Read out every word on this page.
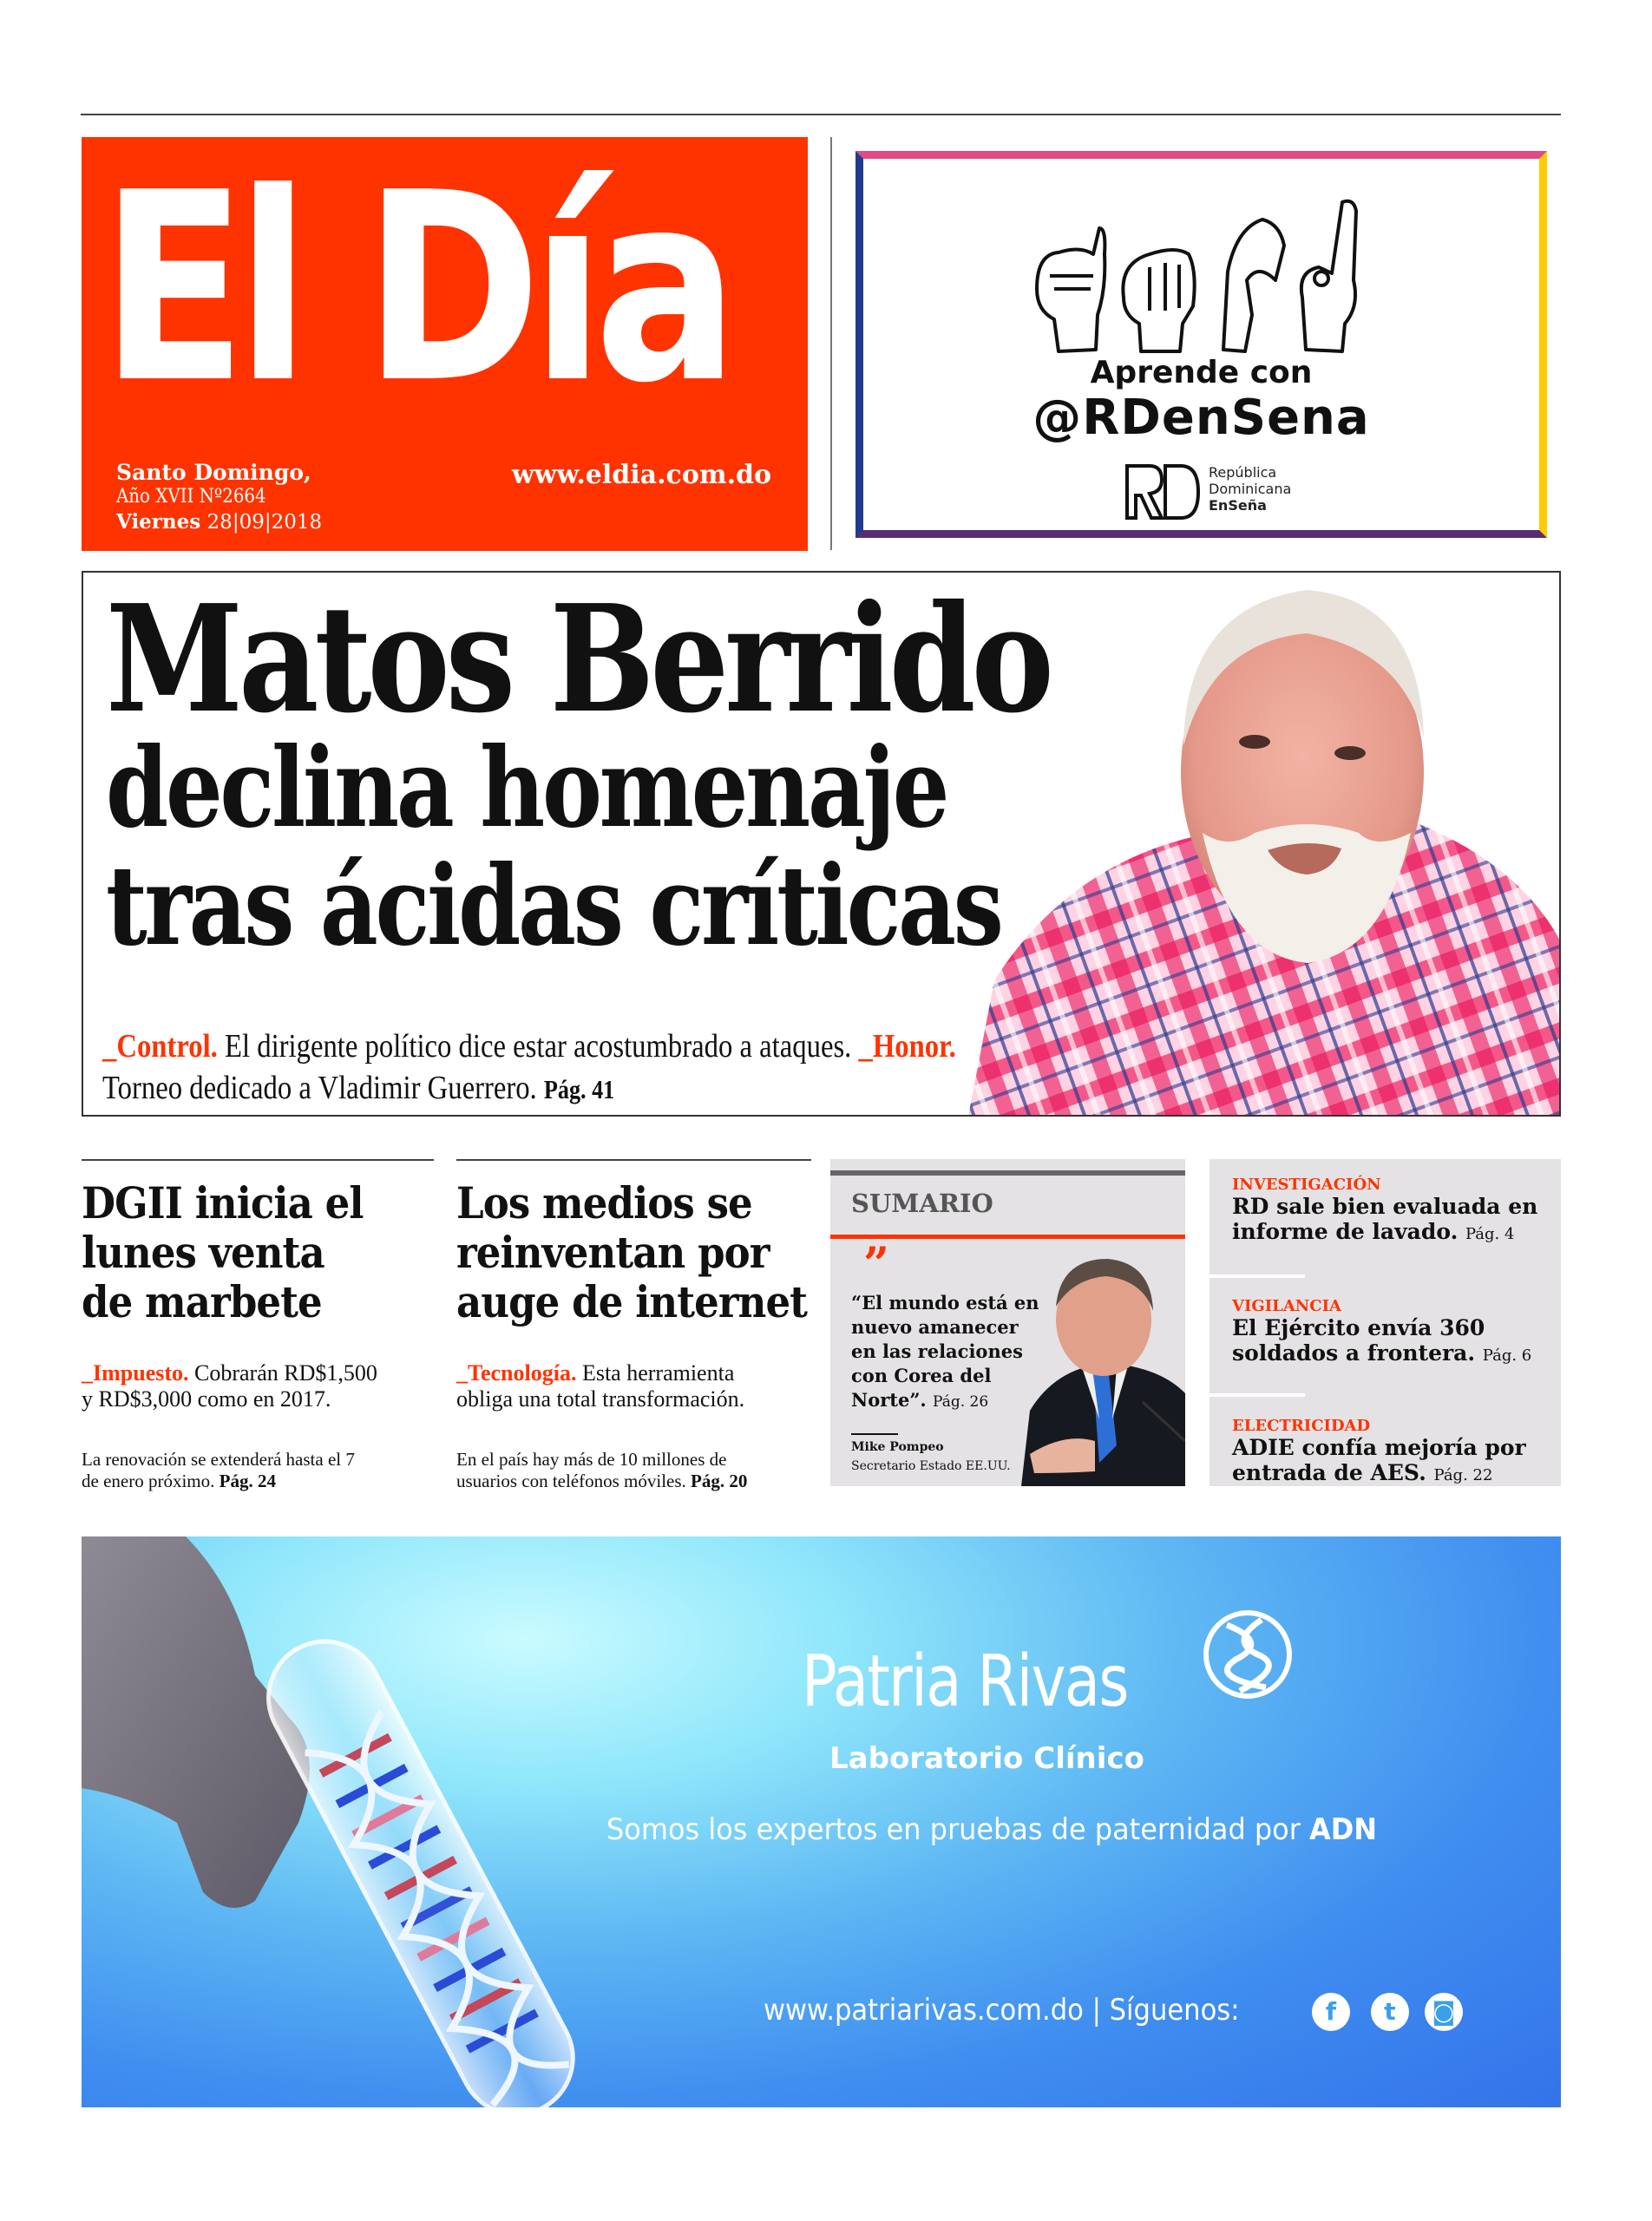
El Día
Santo Domingo,
Año XVII Nº2664
Viernes 28|09|2018
www.eldia.com.do
Aprende con
@RDenSena
República
Dominicana
EnSeña
Matos Berrido
declina homenaje
tras ácidas críticas
_Control. El dirigente político dice estar acostumbrado a ataques. _Honor. Torneo dedicado a Vladimir Guerrero. Pág. 41
DGII inicia el
lunes venta
de marbete
_Impuesto. Cobrarán RD$1,500
y RD$3,000 como en 2017.
La renovación se extenderá hasta el 7
de enero próximo. Pág. 24
Los medios se
reinventan por
auge de internet
_Tecnología. Esta herramienta
obliga una total transformación.
En el país hay más de 10 millones de
usuarios con teléfonos móviles. Pág. 20
SUMARIO
”
“El mundo está en
nuevo amanecer
en las relaciones
con Corea del
Norte”. Pág. 26
Mike Pompeo
Secretario Estado EE.UU.
INVESTIGACIÓN
RD sale bien evaluada en
informe de lavado. Pág. 4
VIGILANCIA
El Ejército envía 360
soldados a frontera. Pág. 6
ELECTRICIDAD
ADIE confía mejoría por
entrada de AES. Pág. 22
Patria Rivas
Laboratorio Clínico
Somos los expertos en pruebas de paternidad por ADN
www.patriarivas.com.do | Síguenos:	f	t	◙
